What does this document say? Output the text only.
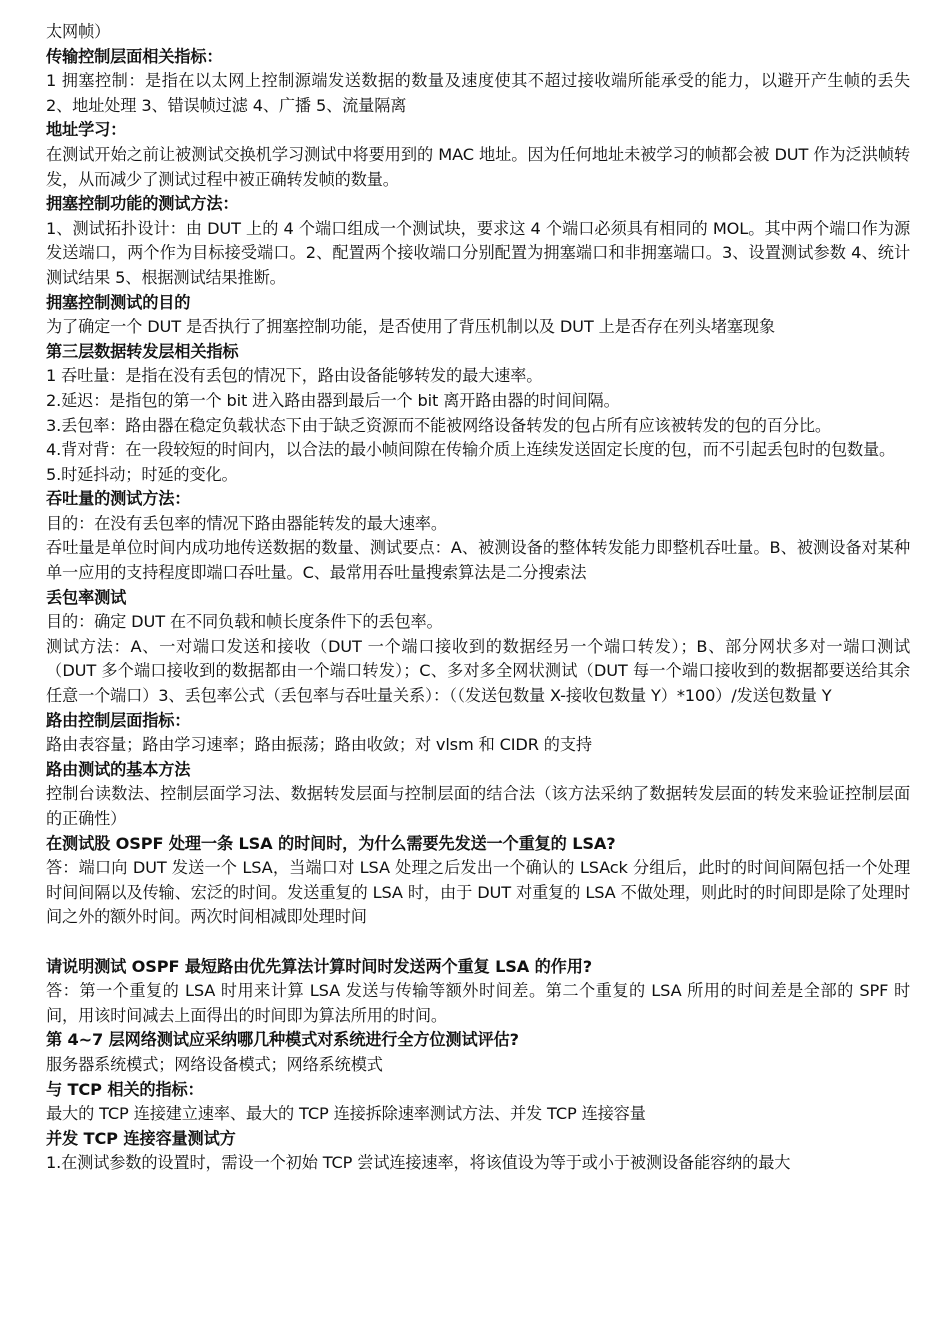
太网帧）

传输控制层面相关指标：

1 拥塞控制：是指在以太网上控制源端发送数据的数量及速度使其不超过接收端所能承受的能力，以避开产生帧的丢失 2、地址处理 3、错误帧过滤 4、广播 5、流量隔离

地址学习：

在测试开始之前让被测试交换机学习测试中将要用到的 MAC 地址。因为任何地址未被学习的帧都会被 DUT 作为泛洪帧转发，从而减少了测试过程中被正确转发帧的数量。

拥塞控制功能的测试方法：

1、测试拓扑设计：由 DUT 上的 4 个端口组成一个测试块，要求这 4 个端口必须具有相同的 MOL。其中两个端口作为源发送端口，两个作为目标接受端口。2、配置两个接收端口分别配置为拥塞端口和非拥塞端口。3、设置测试参数 4、统计测试结果 5、根据测试结果推断。

拥塞控制测试的目的

为了确定一个 DUT 是否执行了拥塞控制功能，是否使用了背压机制以及 DUT 上是否存在列头堵塞现象

第三层数据转发层相关指标

1 吞吐量：是指在没有丢包的情况下，路由设备能够转发的最大速率。

2.延迟：是指包的第一个 bit 进入路由器到最后一个 bit 离开路由器的时间间隔。

3.丢包率：路由器在稳定负载状态下由于缺乏资源而不能被网络设备转发的包占所有应该被转发的包的百分比。

4.背对背：在一段较短的时间内，以合法的最小帧间隙在传输介质上连续发送固定长度的包，而不引起丢包时的包数量。

5.时延抖动；时延的变化。

吞吐量的测试方法：

目的：在没有丢包率的情况下路由器能转发的最大速率。

吞吐量是单位时间内成功地传送数据的数量、测试要点：A、被测设备的整体转发能力即整机吞吐量。B、被测设备对某种单一应用的支持程度即端口吞吐量。C、最常用吞吐量搜索算法是二分搜索法

丢包率测试

目的：确定 DUT 在不同负载和帧长度条件下的丢包率。

测试方法：A、一对端口发送和接收（DUT 一个端口接收到的数据经另一个端口转发）；B、部分网状多对一端口测试（DUT 多个端口接收到的数据都由一个端口转发）；C、多对多全网状测试（DUT 每一个端口接收到的数据都要送给其余任意一个端口）3、丢包率公式（丢包率与吞吐量关系）：（（发送包数量 X-接收包数量 Y）*100）/发送包数量 Y

路由控制层面指标：

路由表容量；路由学习速率；路由振荡；路由收敛；对 vlsm 和 CIDR 的支持

路由测试的基本方法

控制台读数法、控制层面学习法、数据转发层面与控制层面的结合法（该方法采纳了数据转发层面的转发来验证控制层面的正确性）

在测试股 OSPF 处理一条 LSA 的时间时，为什么需要先发送一个重复的 LSA?

答：端口向 DUT 发送一个 LSA，当端口对 LSA 处理之后发出一个确认的 LSAck 分组后，此时的时间间隔包括一个处理时间间隔以及传输、宏泛的时间。发送重复的 LSA 时，由于 DUT 对重复的 LSA 不做处理，则此时的时间即是除了处理时间之外的额外时间。两次时间相减即处理时间

请说明测试 OSPF 最短路由优先算法计算时间时发送两个重复 LSA 的作用?

答：第一个重复的 LSA 时用来计算 LSA 发送与传输等额外时间差。第二个重复的 LSA 所用的时间差是全部的 SPF 时间，用该时间减去上面得出的时间即为算法所用的时间。

第 4~7 层网络测试应采纳哪几种模式对系统进行全方位测试评估?

服务器系统模式；网络设备模式；网络系统模式

与 TCP 相关的指标：

最大的 TCP 连接建立速率、最大的 TCP 连接拆除速率测试方法、并发 TCP 连接容量

并发 TCP 连接容量测试方

1.在测试参数的设置时，需设一个初始 TCP 尝试连接速率，将该值设为等于或小于被测设备能容纳的最大
